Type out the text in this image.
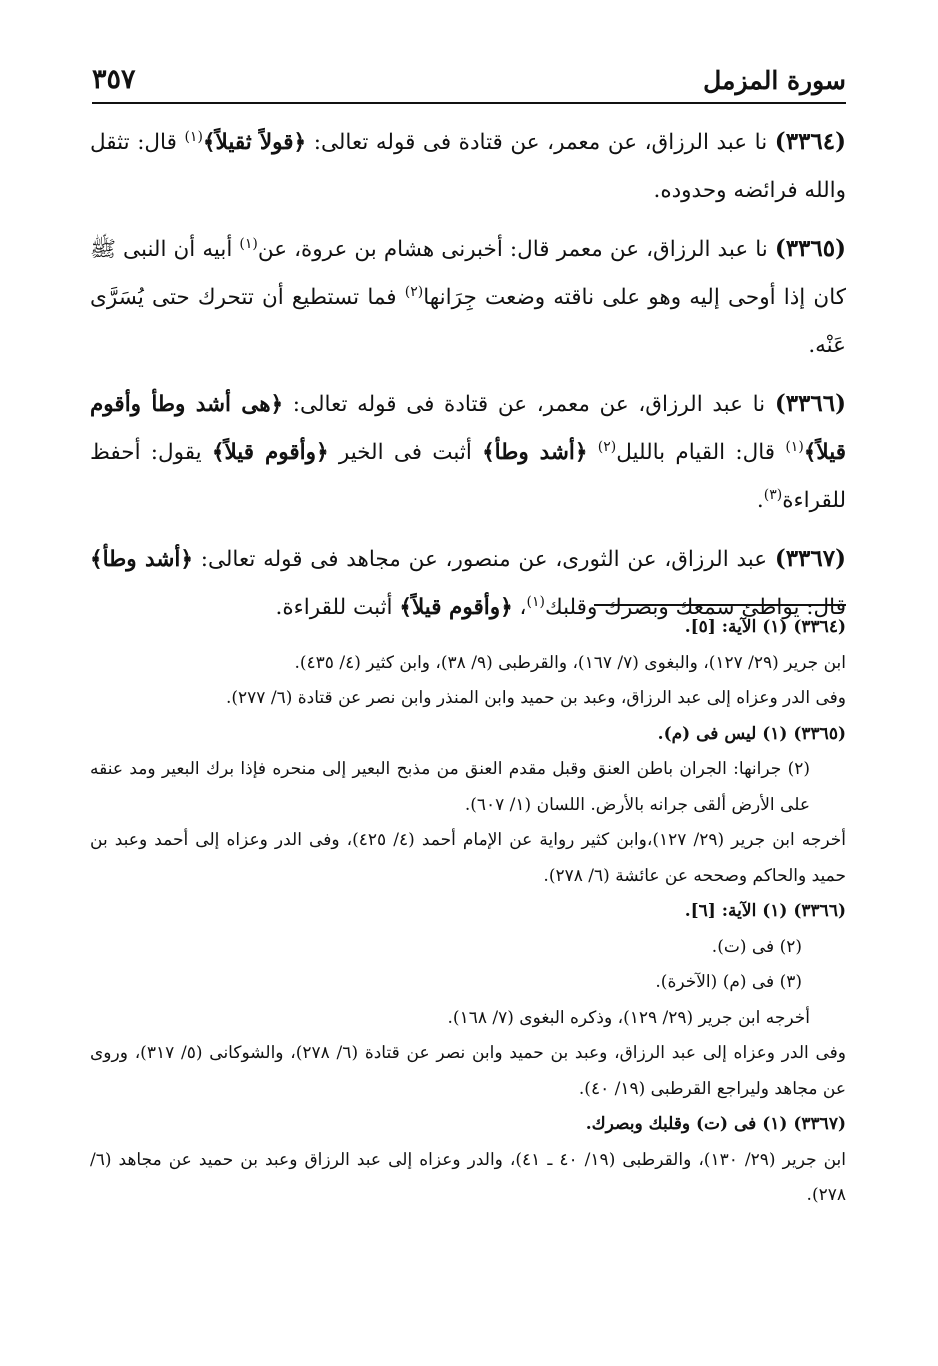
سورة المزمل
٣٥٧

(٣٣٦٤) نا عبد الرزاق، عن معمر، عن قتادة فى قوله تعالى: ﴿قولاً ثقيلاً﴾$^{(١)}$ قال: تثقل والله فرائضه وحدوده.

(٣٣٦٥) نا عبد الرزاق، عن معمر قال: أخبرنى هشام بن عروة، عن$^{(١)}$ أبيه أن النبى ﷺ كان إذا أوحى إليه وهو على ناقته وضعت جِرَانها$^{(٢)}$ فما تستطيع أن تتحرك حتى يُسَرَّى عَنْه.

(٣٣٦٦) نا عبد الرزاق، عن معمر، عن قتادة فى قوله تعالى: ﴿هى أشد وطأ وأقوم قيلاً﴾$^{(١)}$ قال: القيام بالليل$^{(٢)}$ ﴿أشد وطأ﴾ أثبت فى الخير ﴿وأقوم قيلاً﴾ يقول: أحفظ للقراءة$^{(٣)}$.

(٣٣٦٧) عبد الرزاق، عن الثورى، عن منصور، عن مجاهد فى قوله تعالى: ﴿أشد وطأ﴾ قال: يواطئ سمعك وبصرك وقلبك$^{(١)}$، ﴿وأقوم قيلاً﴾ أثبت للقراءة.

(٣٣٦٤) (١) الآية: [٥].

ابن جرير (٢٩/ ١٢٧)، والبغوى (٧/ ١٦٧)، والقرطبى (٩/ ٣٨)، وابن كثير (٤/ ٤٣٥).

وفى الدر وعزاه إلى عبد الرزاق، وعبد بن حميد وابن المنذر وابن نصر عن قتادة (٦/ ٢٧٧).

(٣٣٦٥) (١) ليس فى (م).

(٢) جرانها: الجران باطن العنق وقبل مقدم العنق من مذبح البعير إلى منحره فإذا برك البعير ومد عنقه على الأرض ألقى جرانه بالأرض. اللسان (١/ ٦٠٧).

أخرجه ابن جرير (٢٩/ ١٢٧)،وابن كثير رواية عن الإمام أحمد (٤/ ٤٢٥)، وفى الدر وعزاه إلى أحمد وعبد بن حميد والحاكم وصححه عن عائشة (٦/ ٢٧٨).

(٣٣٦٦) (١) الآية: [٦].

(٢) فى (ت).

(٣) فى (م) (الآخرة).

أخرجه ابن جرير (٢٩/ ١٢٩)، وذكره البغوى (٧/ ١٦٨).

وفى الدر وعزاه إلى عبد الرزاق، وعبد بن حميد وابن نصر عن قتادة (٦/ ٢٧٨)، والشوكانى (٥/ ٣١٧)، وروى عن مجاهد وليراجع القرطبى (١٩/ ٤٠).

(٣٣٦٧) (١) فى (ت) وقلبك وبصرك.

ابن جرير (٢٩/ ١٣٠)، والقرطبى (١٩/ ٤٠ ـ ٤١)، والدر وعزاه إلى عبد الرزاق وعبد بن حميد عن مجاهد (٦/ ٢٧٨).
